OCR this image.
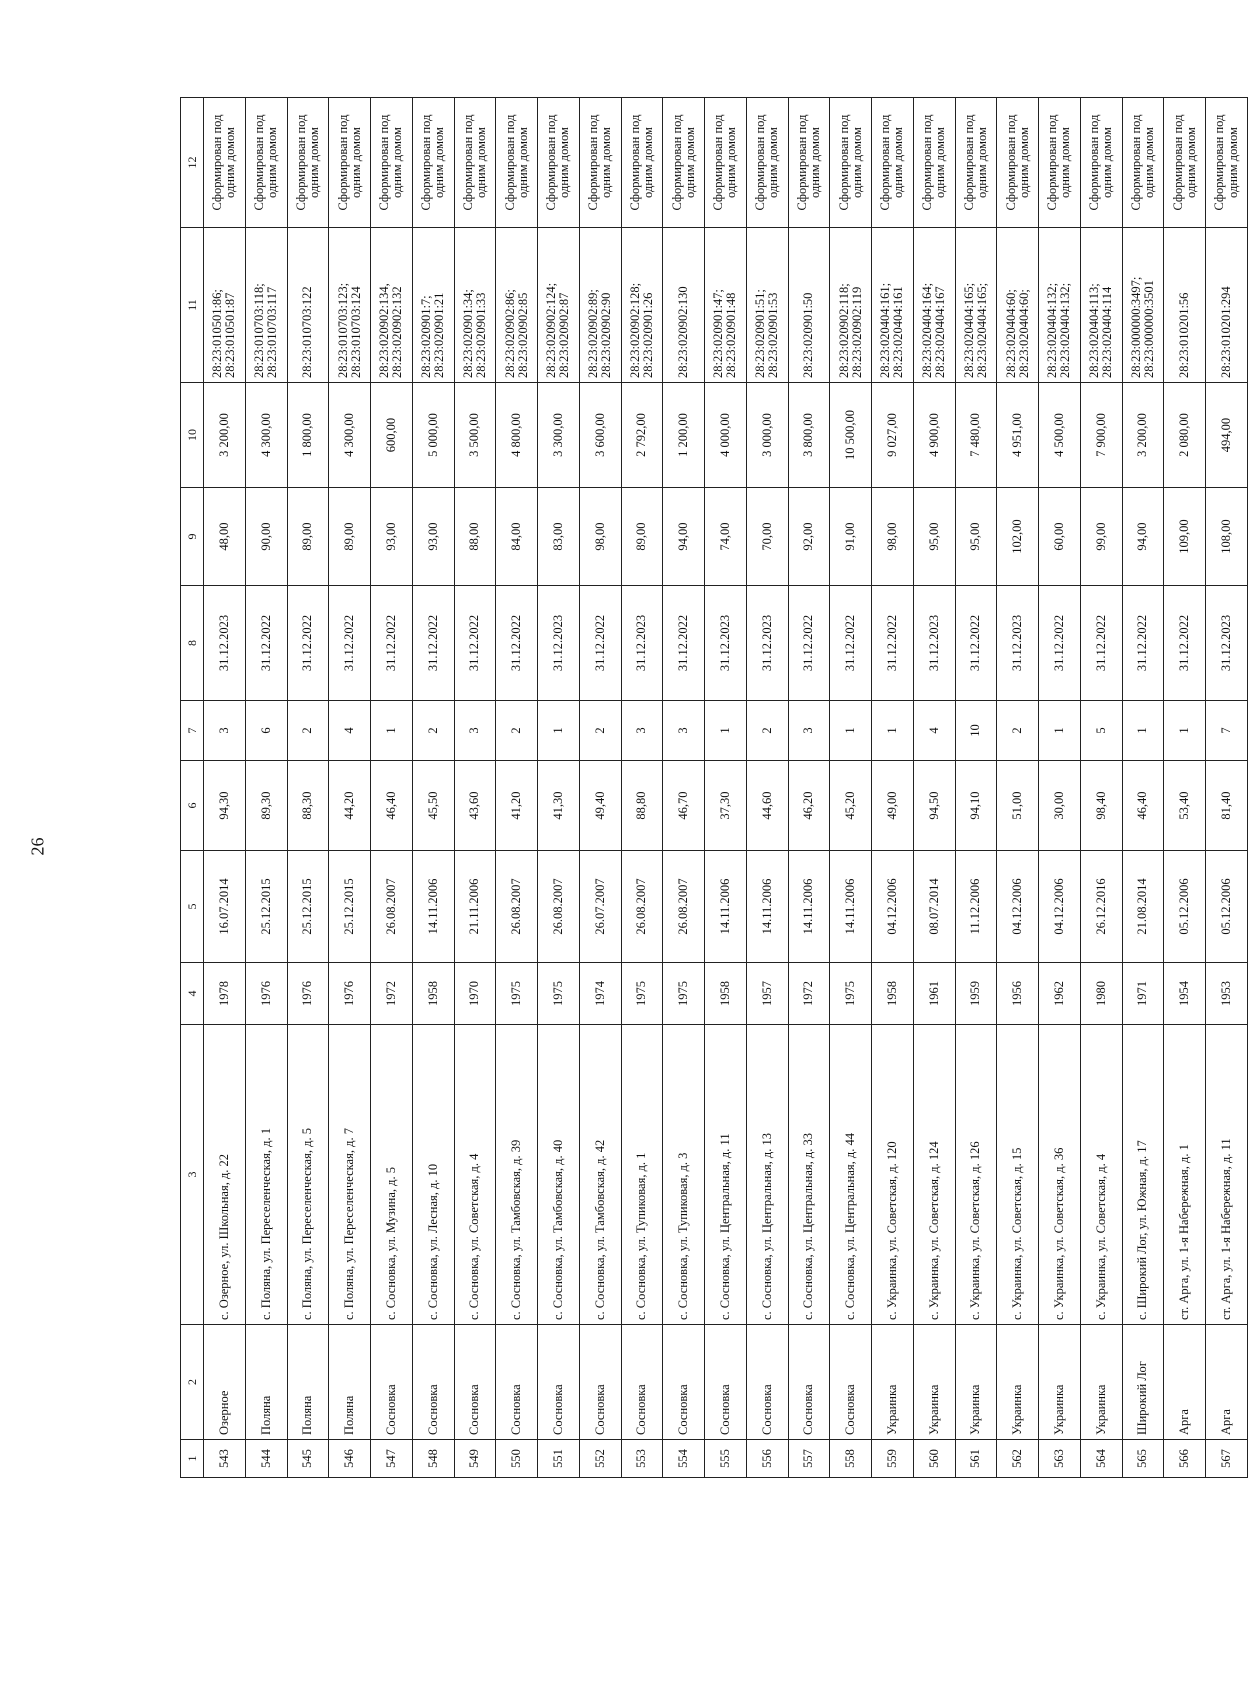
26
1	2	3	4	5	6	7	8	9	10	11	12
543	Озерное	с. Озерное, ул. Школьная, д. 22	1978	16.07.2014	94,30	3	31.12.2023	48,00	3 200,00	28:23:010501:86; 28:23:010501:87	Сформирован под одним домом
544	Поляна	с. Поляна, ул. Переселенческая, д. 1	1976	25.12.2015	89,30	6	31.12.2022	90,00	4 300,00	28:23:010703:118; 28:23:010703:117	Сформирован под одним домом
545	Поляна	с. Поляна, ул. Переселенческая, д. 5	1976	25.12.2015	88,30	2	31.12.2022	89,00	1 800,00	28:23:010703:122	Сформирован под одним домом
546	Поляна	с. Поляна, ул. Переселенческая, д. 7	1976	25.12.2015	44,20	4	31.12.2022	89,00	4 300,00	28:23:010703:123; 28:23:010703:124	Сформирован под одним домом
547	Сосновка	с. Сосновка, ул. Музина, д. 5	1972	26.08.2007	46,40	1	31.12.2022	93,00	600,00	28:23:020902:134, 28:23:020902:132	Сформирован под одним домом
548	Сосновка	с. Сосновка, ул. Лесная, д. 10	1958	14.11.2006	45,50	2	31.12.2022	93,00	5 000,00	28:23:020901:7; 28:23:020901:21	Сформирован под одним домом
549	Сосновка	с. Сосновка, ул. Советская, д. 4	1970	21.11.2006	43,60	3	31.12.2022	88,00	3 500,00	28:23:020901:34; 28:23:020901:33	Сформирован под одним домом
550	Сосновка	с. Сосновка, ул. Тамбовская, д. 39	1975	26.08.2007	41,20	2	31.12.2022	84,00	4 800,00	28:23:020902:86; 28:23:020902:85	Сформирован под одним домом
551	Сосновка	с. Сосновка, ул. Тамбовская, д. 40	1975	26.08.2007	41,30	1	31.12.2023	83,00	3 300,00	28:23:020902:124; 28:23:020902:87	Сформирован под одним домом
552	Сосновка	с. Сосновка, ул. Тамбовская, д. 42	1974	26.07.2007	49,40	2	31.12.2022	98,00	3 600,00	28:23:020902:89; 28:23:020902:90	Сформирован под одним домом
553	Сосновка	с. Сосновка, ул. Тупиковая, д. 1	1975	26.08.2007	88,80	3	31.12.2023	89,00	2 792,00	28:23:020902:128; 28:23:020901:26	Сформирован под одним домом
554	Сосновка	с. Сосновка, ул. Тупиковая, д. 3	1975	26.08.2007	46,70	3	31.12.2022	94,00	1 200,00	28:23:020902:130	Сформирован под одним домом
555	Сосновка	с. Сосновка, ул. Центральная, д. 11	1958	14.11.2006	37,30	1	31.12.2023	74,00	4 000,00	28:23:020901:47; 28:23:020901:48	Сформирован под одним домом
556	Сосновка	с. Сосновка, ул. Центральная, д. 13	1957	14.11.2006	44,60	2	31.12.2023	70,00	3 000,00	28:23:020901:51; 28:23:020901:53	Сформирован под одним домом
557	Сосновка	с. Сосновка, ул. Центральная, д. 33	1972	14.11.2006	46,20	3	31.12.2022	92,00	3 800,00	28:23:020901:50	Сформирован под одним домом
558	Сосновка	с. Сосновка, ул. Центральная, д. 44	1975	14.11.2006	45,20	1	31.12.2022	91,00	10 500,00	28:23:020902:118; 28:23:020902:119	Сформирован под одним домом
559	Украинка	с. Украинка, ул. Советская, д. 120	1958	04.12.2006	49,00	1	31.12.2022	98,00	9 027,00	28:23:020404:161; 28:23:020404:161	Сформирован под одним домом
560	Украинка	с. Украинка, ул. Советская, д. 124	1961	08.07.2014	94,50	4	31.12.2023	95,00	4 900,00	28:23:020404:164; 28:23:020404:167	Сформирован под одним домом
561	Украинка	с. Украинка, ул. Советская, д. 126	1959	11.12.2006	94,10	10	31.12.2022	95,00	7 480,00	28:23:020404:165; 28:23:020404:165;	Сформирован под одним домом
562	Украинка	с. Украинка, ул. Советская, д. 15	1956	04.12.2006	51,00	2	31.12.2023	102,00	4 951,00	28:23:020404:60; 28:23:020404:60;	Сформирован под одним домом
563	Украинка	с. Украинка, ул. Советская, д. 36	1962	04.12.2006	30,00	1	31.12.2022	60,00	4 500,00	28:23:020404:132; 28:23:020404:132;	Сформирован под одним домом
564	Украинка	с. Украинка, ул. Советская, д. 4	1980	26.12.2016	98,40	5	31.12.2022	99,00	7 900,00	28:23:020404:113; 28:23:020404:114	Сформирован под одним домом
565	Широкий Лог	с. Широкий Лог, ул. Южная, д. 17	1971	21.08.2014	46,40	1	31.12.2022	94,00	3 200,00	28:23:000000:3497; 28:23:000000:3501	Сформирован под одним домом
566	Арга	ст. Арга, ул. 1-я Набережная, д. 1	1954	05.12.2006	53,40	1	31.12.2022	109,00	2 080,00	28:23:010201:56	Сформирован под одним домом
567	Арга	ст. Арга, ул. 1-я Набережная, д. 11	1953	05.12.2006	81,40	7	31.12.2023	108,00	494,00	28:23:010201:294	Сформирован под одним домом
